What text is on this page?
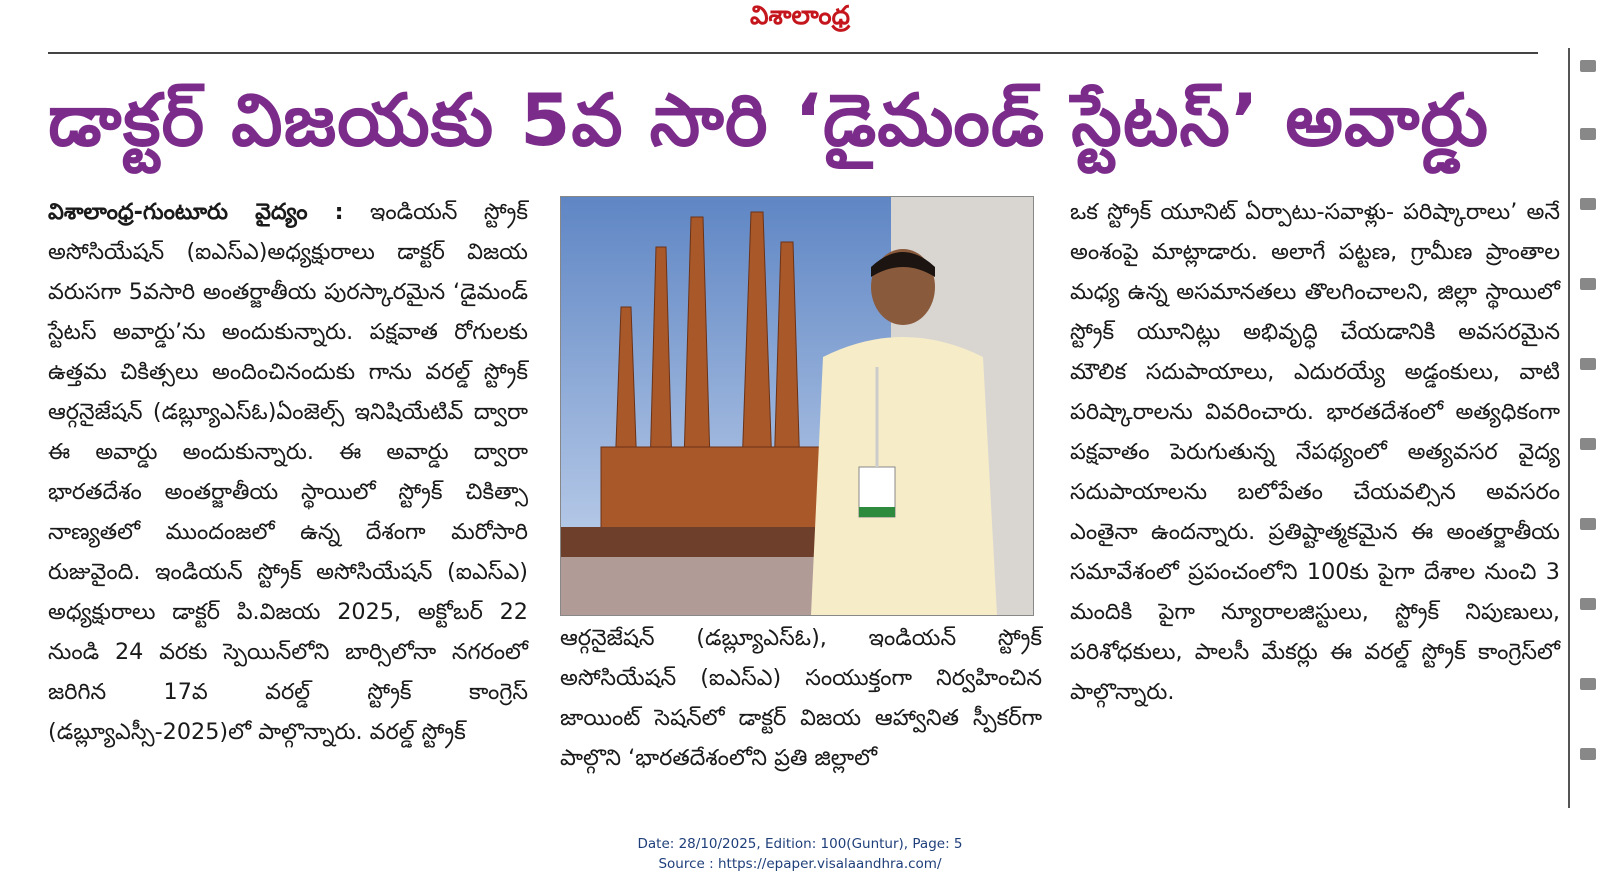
విశాలాంధ్ర
డాక్టర్ విజయకు 5వ సారి ‘డైమండ్ స్టేటస్’ అవార్డు
విశాలాంధ్ర-గుంటూరు వైద్యం : ఇండియన్ స్ట్రోక్ అసోసియేషన్ (ఐఎస్ఎ)అధ్యక్షురాలు డాక్టర్ విజయ వరుసగా 5వసారి అంతర్జాతీయ పురస్కారమైన ‘డైమండ్ స్టేటస్ అవార్డు’ను అందుకున్నారు. పక్షవాత రోగులకు ఉత్తమ చికిత్సలు అందించినందుకు గాను వరల్డ్ స్ట్రోక్ ఆర్గనైజేషన్ (డబ్ల్యూఎస్ఓ)ఏంజెల్స్ ఇనిషియేటివ్ ద్వారా ఈ అవార్డు అందుకున్నారు. ఈ అవార్డు ద్వారా భారతదేశం అంతర్జాతీయ స్థాయిలో స్ట్రోక్ చికిత్సా నాణ్యతలో ముందంజలో ఉన్న దేశంగా మరోసారి రుజువైంది. ఇండియన్ స్ట్రోక్ అసోసియేషన్ (ఐఎస్ఎ) అధ్యక్షురాలు డాక్టర్ పి.విజయ 2025, అక్టోబర్ 22 నుండి 24 వరకు స్పెయిన్‌లోని బార్సిలోనా నగరంలో జరిగిన 17వ వరల్డ్ స్ట్రోక్ కాంగ్రెస్ (డబ్ల్యూఎస్సీ-2025)లో పాల్గొన్నారు. వరల్డ్ స్ట్రోక్
ఆర్గనైజేషన్ (డబ్ల్యూఎస్ఓ), ఇండియన్ స్ట్రోక్ అసోసియేషన్ (ఐఎస్ఎ) సంయుక్తంగా నిర్వహించిన జాయింట్ సెషన్‌లో డాక్టర్ విజయ ఆహ్వానిత స్పీకర్‌గా పాల్గొని ‘భారతదేశంలోని ప్రతి జిల్లాలో
ఒక స్ట్రోక్ యూనిట్ ఏర్పాటు-సవాళ్లు- పరిష్కారాలు’ అనే అంశంపై మాట్లాడారు. అలాగే పట్టణ, గ్రామీణ ప్రాంతాల మధ్య ఉన్న అసమానతలు తొలగించాలని, జిల్లా స్థాయిలో స్ట్రోక్ యూనిట్లు అభివృద్ధి చేయడానికి అవసరమైన మౌలిక సదుపాయాలు, ఎదురయ్యే అడ్డంకులు, వాటి పరిష్కారాలను వివరించారు. భారతదేశంలో అత్యధికంగా పక్షవాతం పెరుగుతున్న నేపథ్యంలో అత్యవసర వైద్య సదుపాయాలను బలోపేతం చేయవల్సిన అవసరం ఎంతైనా ఉందన్నారు. ప్రతిష్టాత్మకమైన ఈ అంతర్జాతీయ సమావేశంలో ప్రపంచంలోని 100కు పైగా దేశాల నుంచి 3 మందికి పైగా న్యూరాలజిస్టులు, స్ట్రోక్ నిపుణులు, పరిశోధకులు, పాలసీ మేకర్లు ఈ వరల్డ్ స్ట్రోక్ కాంగ్రెస్‌లో పాల్గొన్నారు.
Date: 28/10/2025, Edition: 100(Guntur), Page: 5
Source : https://epaper.visalaandhra.com/
